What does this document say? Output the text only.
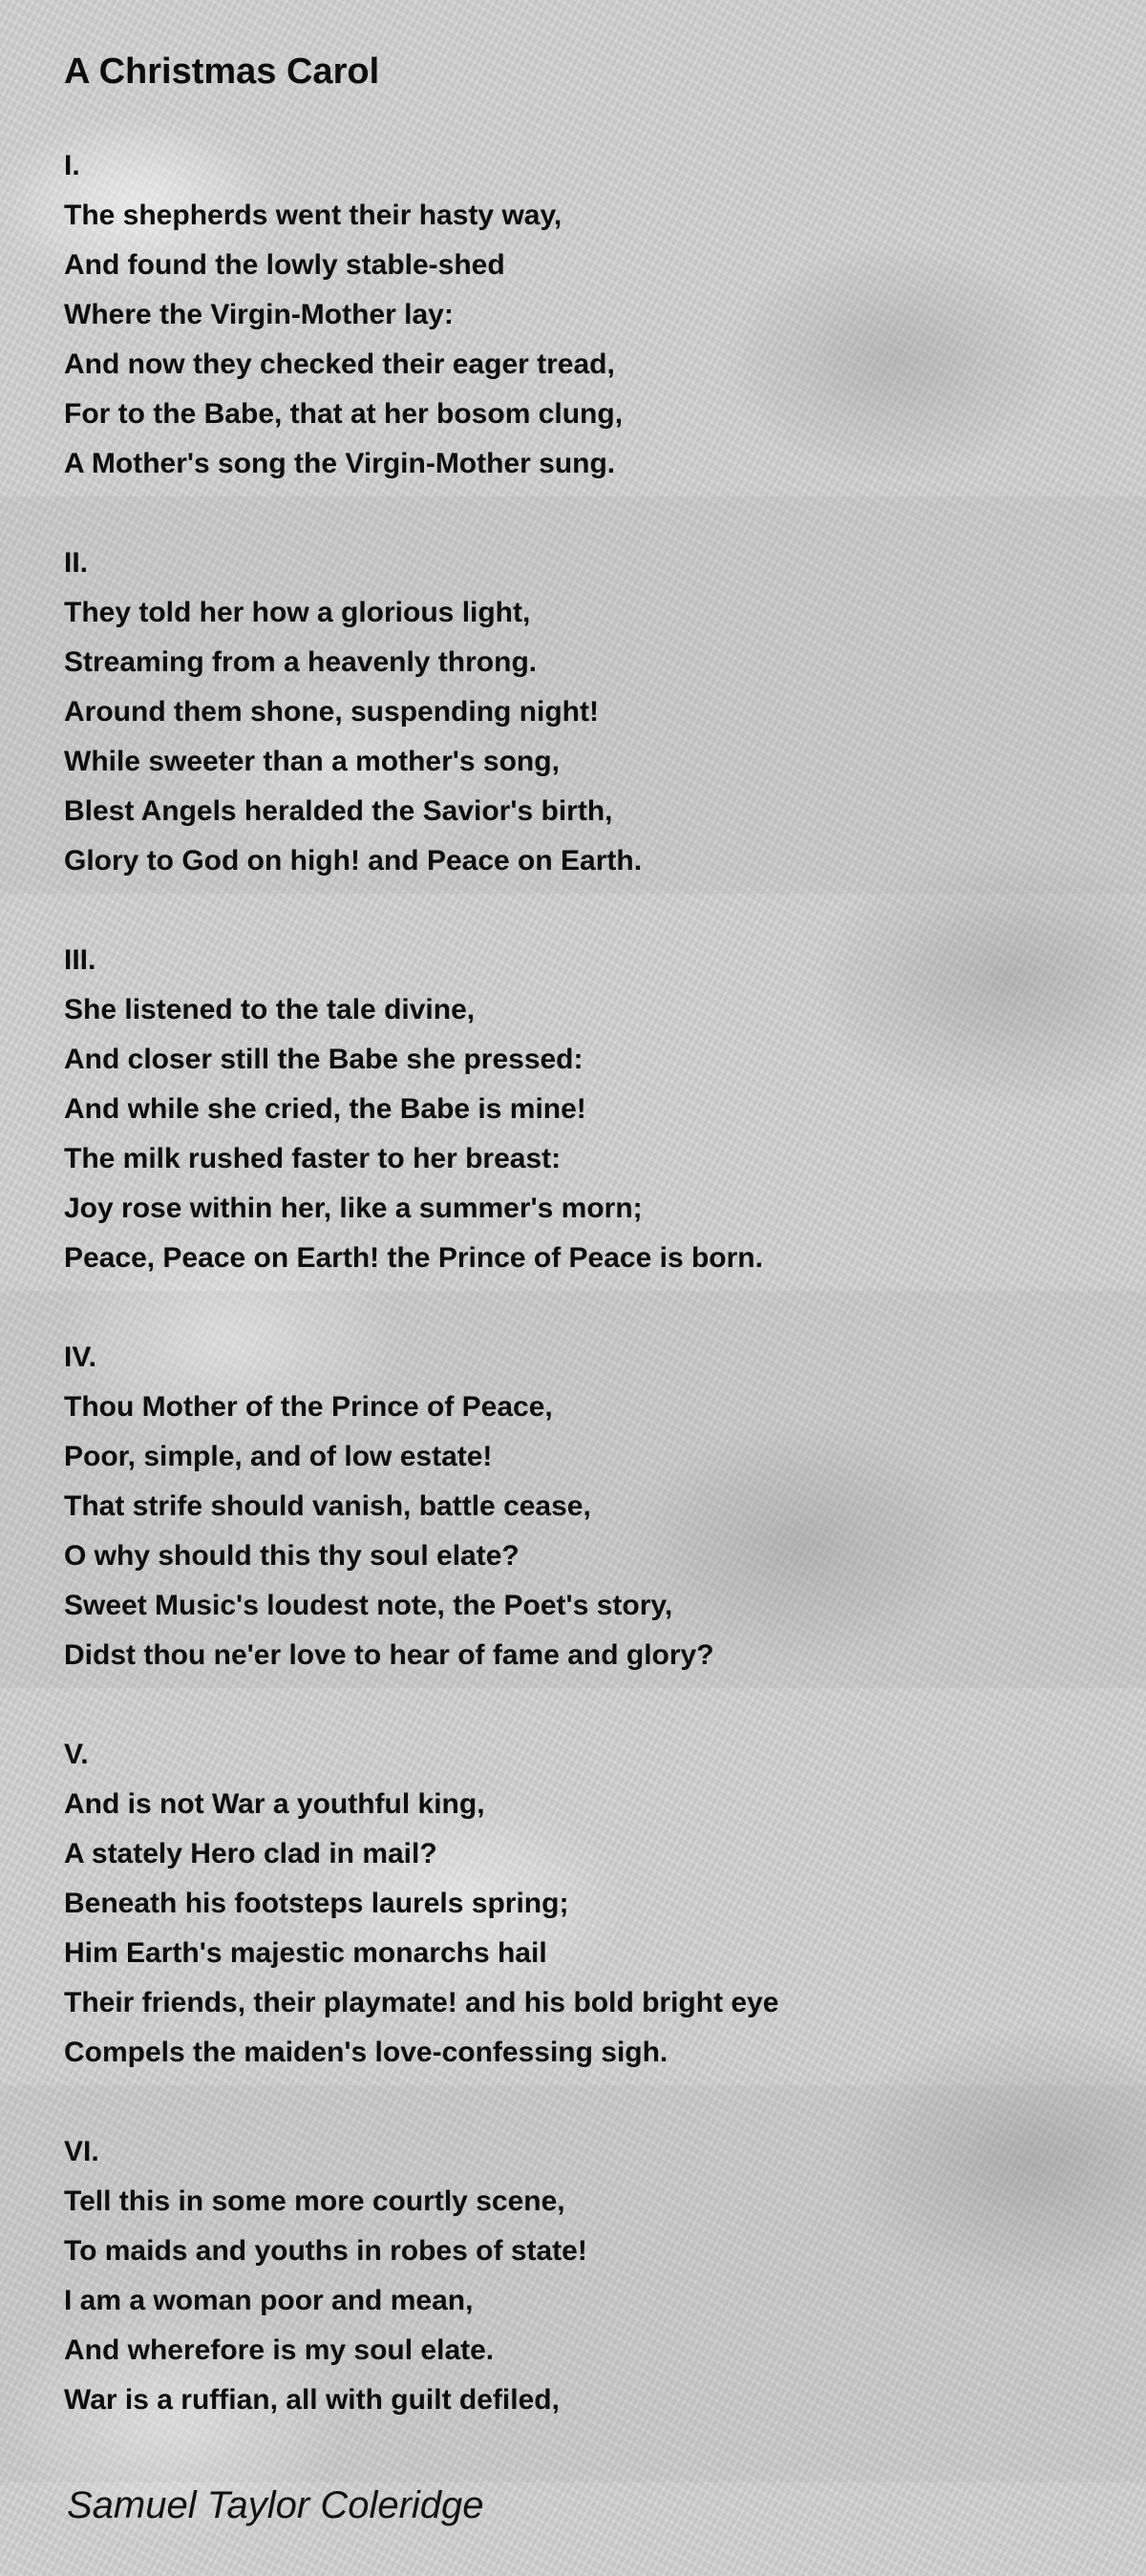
A Christmas Carol
I.
The shepherds went their hasty way,
And found the lowly stable-shed
Where the Virgin-Mother lay:
And now they checked their eager tread,
For to the Babe, that at her bosom clung,
A Mother's song the Virgin-Mother sung.
II.
They told her how a glorious light,
Streaming from a heavenly throng.
Around them shone, suspending night!
While sweeter than a mother's song,
Blest Angels heralded the Savior's birth,
Glory to God on high! and Peace on Earth.
III.
She listened to the tale divine,
And closer still the Babe she pressed:
And while she cried, the Babe is mine!
The milk rushed faster to her breast:
Joy rose within her, like a summer's morn;
Peace, Peace on Earth! the Prince of Peace is born.
IV.
Thou Mother of the Prince of Peace,
Poor, simple, and of low estate!
That strife should vanish, battle cease,
O why should this thy soul elate?
Sweet Music's loudest note, the Poet's story,
Didst thou ne'er love to hear of fame and glory?
V.
And is not War a youthful king,
A stately Hero clad in mail?
Beneath his footsteps laurels spring;
Him Earth's majestic monarchs hail
Their friends, their playmate! and his bold bright eye
Compels the maiden's love-confessing sigh.
VI.
Tell this in some more courtly scene,
To maids and youths in robes of state!
I am a woman poor and mean,
And wherefore is my soul elate.
War is a ruffian, all with guilt defiled,
Samuel Taylor Coleridge
